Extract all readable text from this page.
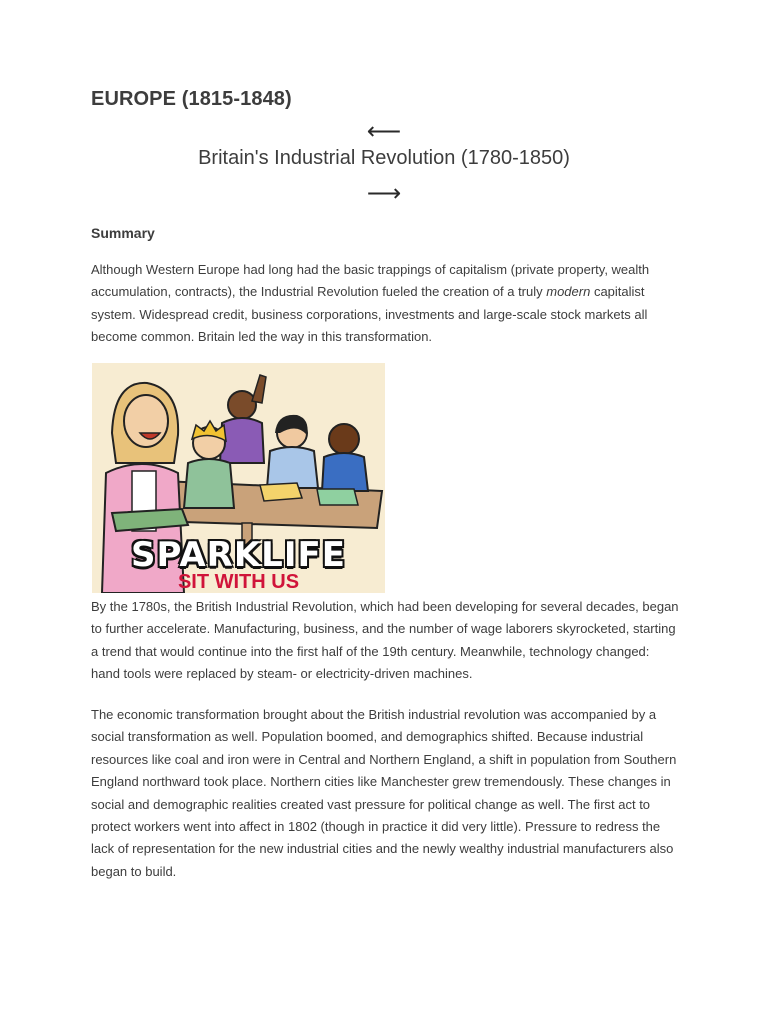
EUROPE (1815-1848)
⟵
Britain's Industrial Revolution (1780-1850)
⟶
Summary
Although Western Europe had long had the basic trappings of capitalism (private property, wealth accumulation, contracts), the Industrial Revolution fueled the creation of a truly modern capitalist system. Widespread credit, business corporations, investments and large-scale stock markets all become common. Britain led the way in this transformation.
SPARKLIFE
SIT WITH US
By the 1780s, the British Industrial Revolution, which had been developing for several decades, began to further accelerate. Manufacturing, business, and the number of wage laborers skyrocketed, starting a trend that would continue into the first half of the 19th century. Meanwhile, technology changed: hand tools were replaced by steam- or electricity-driven machines.
The economic transformation brought about the British industrial revolution was accompanied by a social transformation as well. Population boomed, and demographics shifted. Because industrial resources like coal and iron were in Central and Northern England, a shift in population from Southern England northward took place. Northern cities like Manchester grew tremendously. These changes in social and demographic realities created vast pressure for political change as well. The first act to protect workers went into affect in 1802 (though in practice it did very little). Pressure to redress the lack of representation for the new industrial cities and the newly wealthy industrial manufacturers also began to build.
